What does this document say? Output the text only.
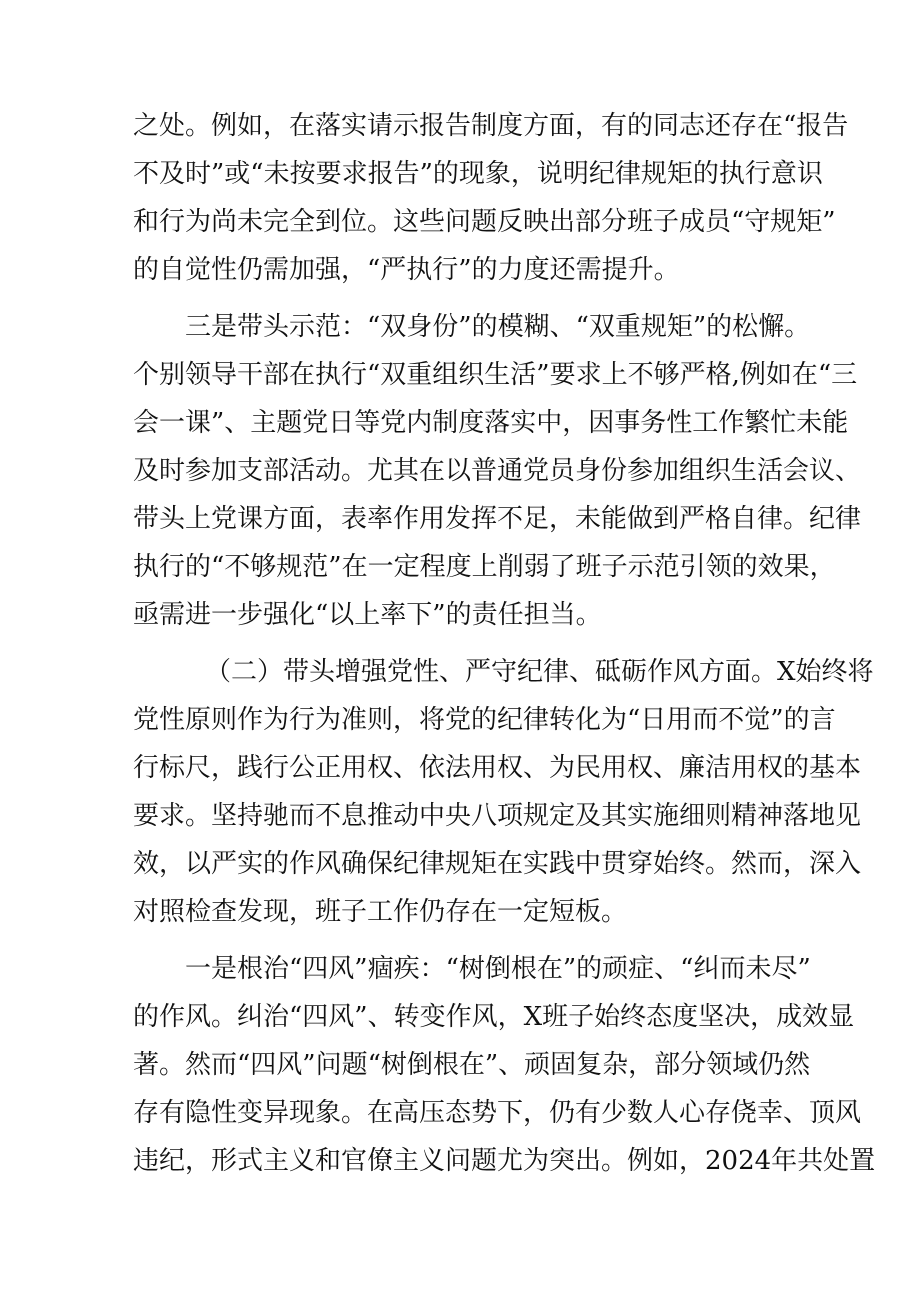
之处。例如，在落实请示报告制度方面，有的同志还存在“报告
不及时”或“未按要求报告”的现象，说明纪律规矩的执行意识
和行为尚未完全到位。这些问题反映出部分班子成员“守规矩”
的自觉性仍需加强，“严执行”的力度还需提升。
三是带头示范：“双身份”的模糊、“双重规矩”的松懈。
个别领导干部在执行“双重组织生活”要求上不够严格,例如在“三
会一课”、主题党日等党内制度落实中，因事务性工作繁忙未能
及时参加支部活动。尤其在以普通党员身份参加组织生活会议、
带头上党课方面，表率作用发挥不足，未能做到严格自律。纪律
执行的“不够规范”在一定程度上削弱了班子示范引领的效果，
亟需进一步强化“以上率下”的责任担当。
（二）带头增强党性、严守纪律、砥砺作风方面。X始终将
党性原则作为行为准则，将党的纪律转化为“日用而不觉”的言
行标尺，践行公正用权、依法用权、为民用权、廉洁用权的基本
要求。坚持驰而不息推动中央八项规定及其实施细则精神落地见
效，以严实的作风确保纪律规矩在实践中贯穿始终。然而，深入
对照检查发现，班子工作仍存在一定短板。
一是根治“四风”痼疾：“树倒根在”的顽症、“纠而未尽”
的作风。纠治“四风”、转变作风，X班子始终态度坚决，成效显
著。然而“四风”问题“树倒根在”、顽固复杂，部分领域仍然
存有隐性变异现象。在高压态势下，仍有少数人心存侥幸、顶风
违纪，形式主义和官僚主义问题尤为突出。例如，2024年共处置
